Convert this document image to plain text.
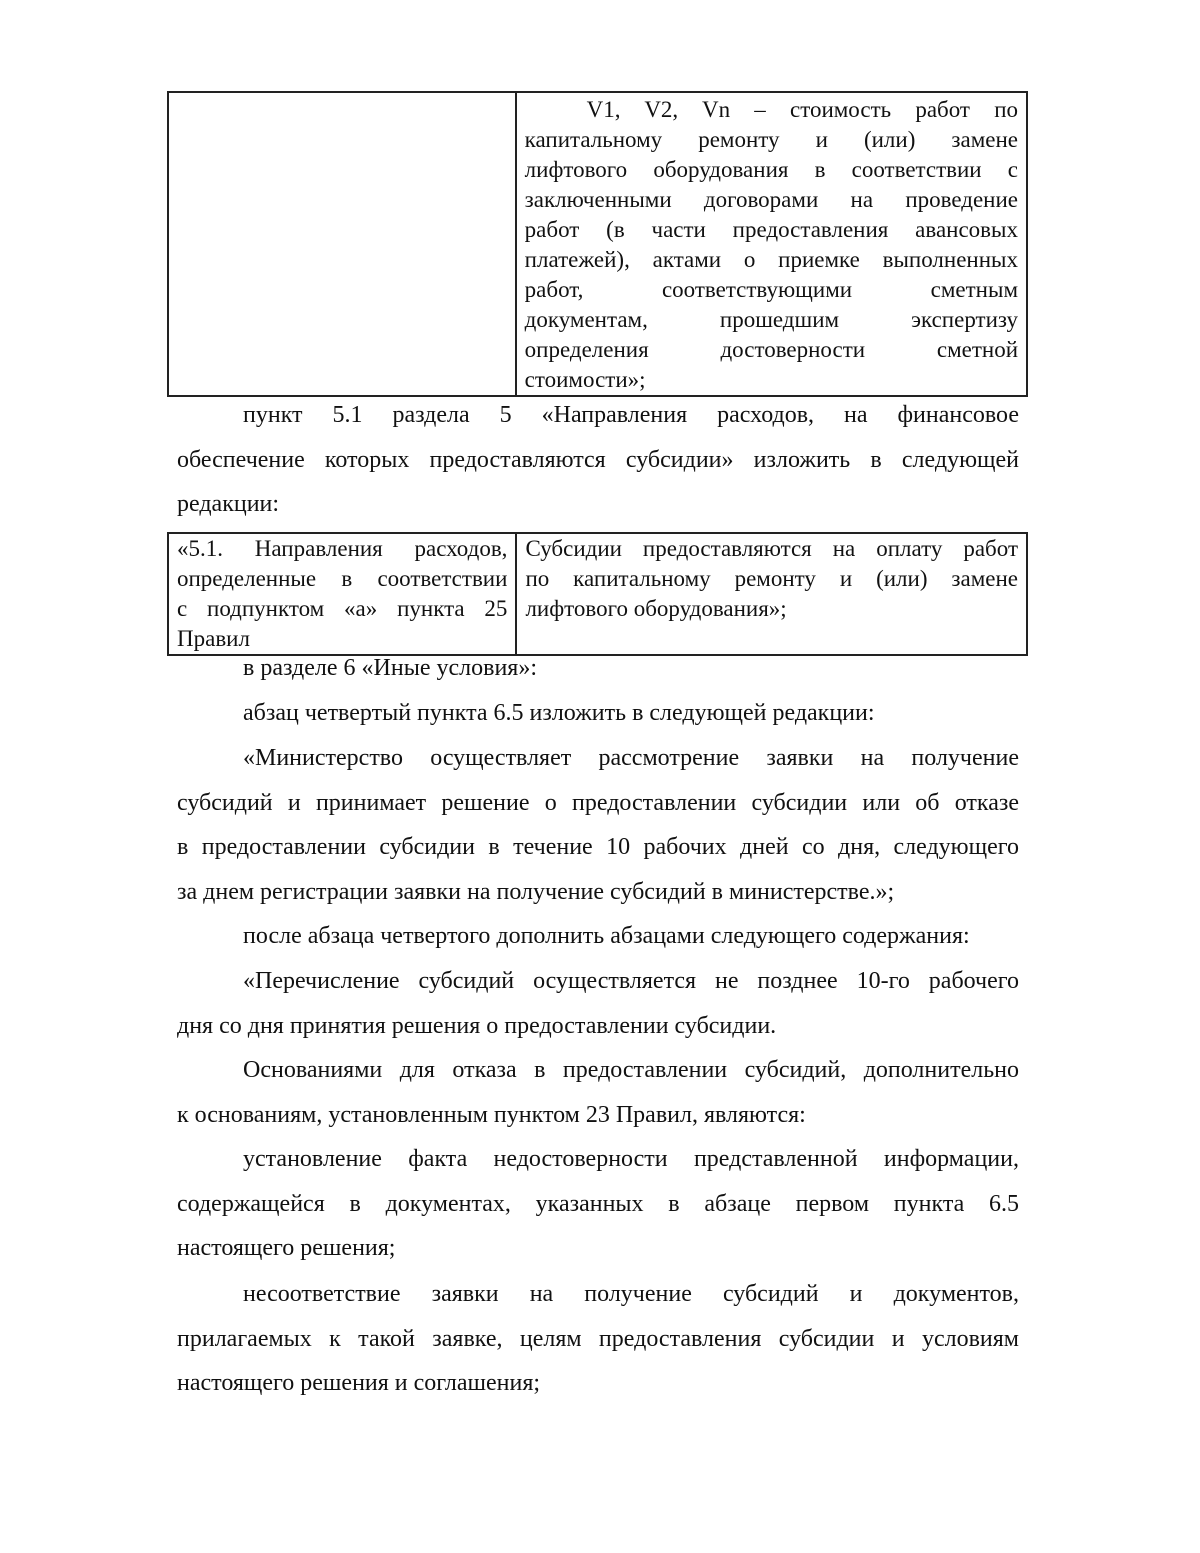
V1, V2, Vn – стоимость работ по
капитальному ремонту и (или) замене
лифтового оборудования в соответствии с
заключенными договорами на проведение
работ (в части предоставления авансовых
платежей), актами о приемке выполненных
работ, соответствующими сметным
документам, прошедшим экспертизу
определения достоверности сметной
стоимости»;
пункт 5.1 раздела 5 «Направления расходов, на финансовое
обеспечение которых предоставляются субсидии» изложить в следующей
редакции:
«5.1. Направления расходов,
определенные в соответствии
с подпунктом «а» пункта 25
Правил

Субсидии предоставляются на оплату работ
по капитальному ремонту и (или) замене
лифтового оборудования»;
в разделе 6 «Иные условия»:
абзац четвертый пункта 6.5 изложить в следующей редакции:
«Министерство осуществляет рассмотрение заявки на получение
субсидий и принимает решение о предоставлении субсидии или об отказе
в предоставлении субсидии в течение 10 рабочих дней со дня, следующего
за днем регистрации заявки на получение субсидий в министерстве.»;
после абзаца четвертого дополнить абзацами следующего содержания:
«Перечисление субсидий осуществляется не позднее 10-го рабочего
дня со дня принятия решения о предоставлении субсидии.
Основаниями для отказа в предоставлении субсидий, дополнительно
к основаниям, установленным пунктом 23 Правил, являются:
установление факта недостоверности представленной информации,
содержащейся в документах, указанных в абзаце первом пункта 6.5
настоящего решения;
несоответствие заявки на получение субсидий и документов,
прилагаемых к такой заявке, целям предоставления субсидии и условиям
настоящего решения и соглашения;
